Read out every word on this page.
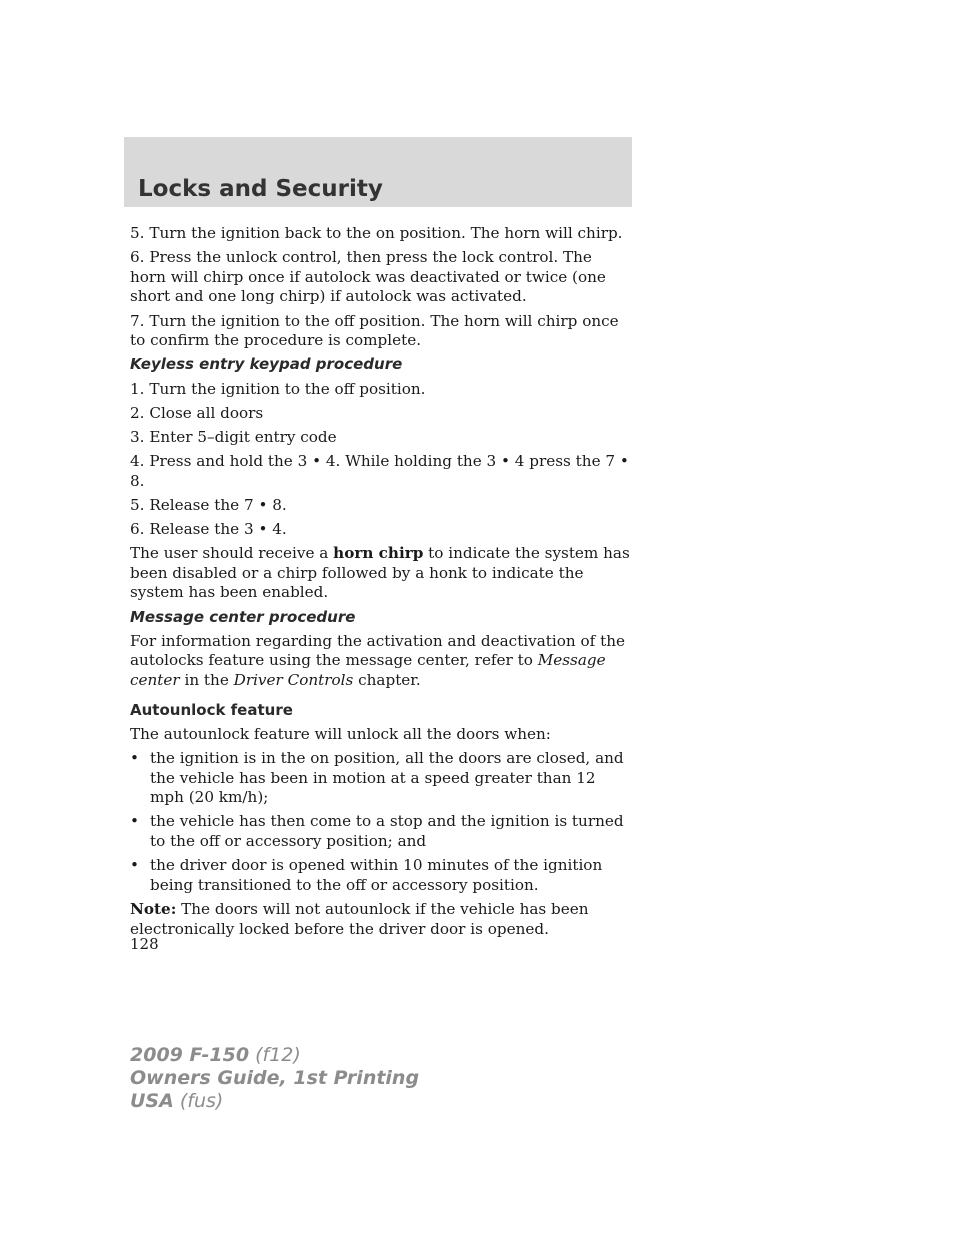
Locks and Security

5. Turn the ignition back to the on position. The horn will chirp.

6. Press the unlock control, then press the lock control. The horn will chirp once if autolock was deactivated or twice (one short and one long chirp) if autolock was activated.

7. Turn the ignition to the off position. The horn will chirp once to confirm the procedure is complete.

Keyless entry keypad procedure

1. Turn the ignition to the off position.

2. Close all doors

3. Enter 5–digit entry code

4. Press and hold the 3 • 4. While holding the 3 • 4 press the 7 • 8.

5. Release the 7 • 8.

6. Release the 3 • 4.

The user should receive a horn chirp to indicate the system has been disabled or a chirp followed by a honk to indicate the system has been enabled.

Message center procedure

For information regarding the activation and deactivation of the autolocks feature using the message center, refer to Message center in the Driver Controls chapter.

Autounlock feature

The autounlock feature will unlock all the doors when:

• the ignition is in the on position, all the doors are closed, and the vehicle has been in motion at a speed greater than 12 mph (20 km/h);
• the vehicle has then come to a stop and the ignition is turned to the off or accessory position; and
• the driver door is opened within 10 minutes of the ignition being transitioned to the off or accessory position.

Note: The doors will not autounlock if the vehicle has been electronically locked before the driver door is opened.

128
2009 F-150 (f12)
Owners Guide, 1st Printing
USA (fus)
